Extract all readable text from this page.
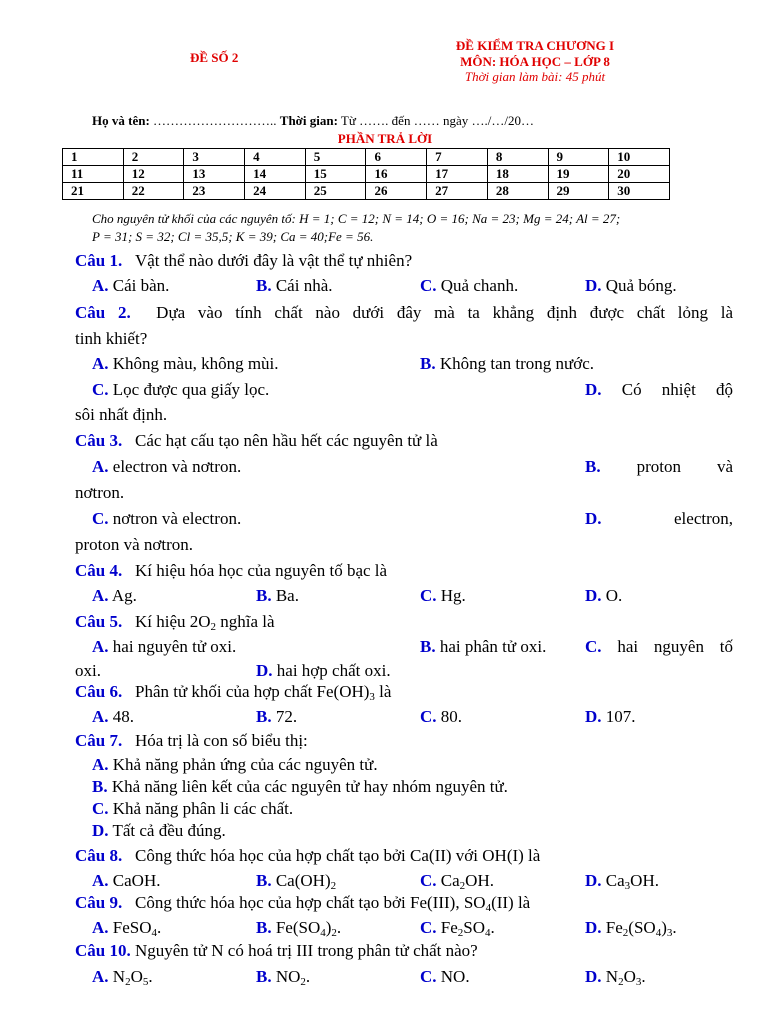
ĐỀ SỐ 2
ĐỀ KIỂM TRA CHƯƠNG I
MÔN: HÓA HỌC – LỚP 8
Thời gian làm bài: 45 phút
Họ và tên: ……………………….. Thời gian: Từ ……. đến …… ngày …./…/20…
PHẦN TRẢ LỜI
1	2	3	4	5	6	7	8	9	10
11	12	13	14	15	16	17	18	19	20
21	22	23	24	25	26	27	28	29	30
Cho nguyên tử khối của các nguyên tố: H = 1; C = 12; N = 14; O = 16; Na = 23; Mg = 24; Al = 27;
P = 31; S = 32; Cl = 35,5; K = 39; Ca = 40;Fe = 56.
Câu 1. Vật thể nào dưới đây là vật thể tự nhiên?
A. Cái bàn.	B. Cái nhà.	C. Quả chanh.	D. Quả bóng.
Câu 2. Dựa vào tính chất nào dưới đây mà ta khẳng định được chất lỏng là
tinh khiết?
A. Không màu, không mùi.	B. Không tan trong nước.
C. Lọc được qua giấy lọc.	D. Có nhiệt độ
sôi nhất định.
Câu 3. Các hạt cấu tạo nên hầu hết các nguyên tử là
A. electron và nơtron.	B. proton và
nơtron.
C. nơtron và electron.	D.	electron,
proton và nơtron.
Câu 4. Kí hiệu hóa học của nguyên tố bạc là
A. Ag.	B. Ba.	C. Hg.	D. O.
Câu 5. Kí hiệu $2O_2$ nghĩa là
A. hai nguyên tử oxi.	B. hai phân tử oxi. C. hai nguyên tố
oxi.	D. hai hợp chất oxi.
Câu 6. Phân tử khối của hợp chất $Fe(OH)_3$ là
A. 48.	B. 72.	C. 80.	D. 107.
Câu 7. Hóa trị là con số biểu thị:
A. Khả năng phản ứng của các nguyên tử.
B. Khả năng liên kết của các nguyên tử hay nhóm nguyên tử.
C. Khả năng phân li các chất.
D. Tất cả đều đúng.
Câu 8. Công thức hóa học của hợp chất tạo bởi Ca(II) với OH(I) là
A. CaOH.	B. $Ca(OH)_2$	C. $Ca_2OH$.	D. $Ca_3OH$.
Câu 9. Công thức hóa học của hợp chất tạo bởi Fe(III), $SO_4(II)$ là
A. FeSO$_4$.	B. $Fe(SO_4)_2$.	C. $Fe_2SO_4$.	D. $Fe_2(SO_4)_3$.
Câu 10. Nguyên tử N có hoá trị III trong phân tử chất nào?
A. $N_2O_5$.	B. $NO_2$.	C. NO.	D. $N_2O_3$.
